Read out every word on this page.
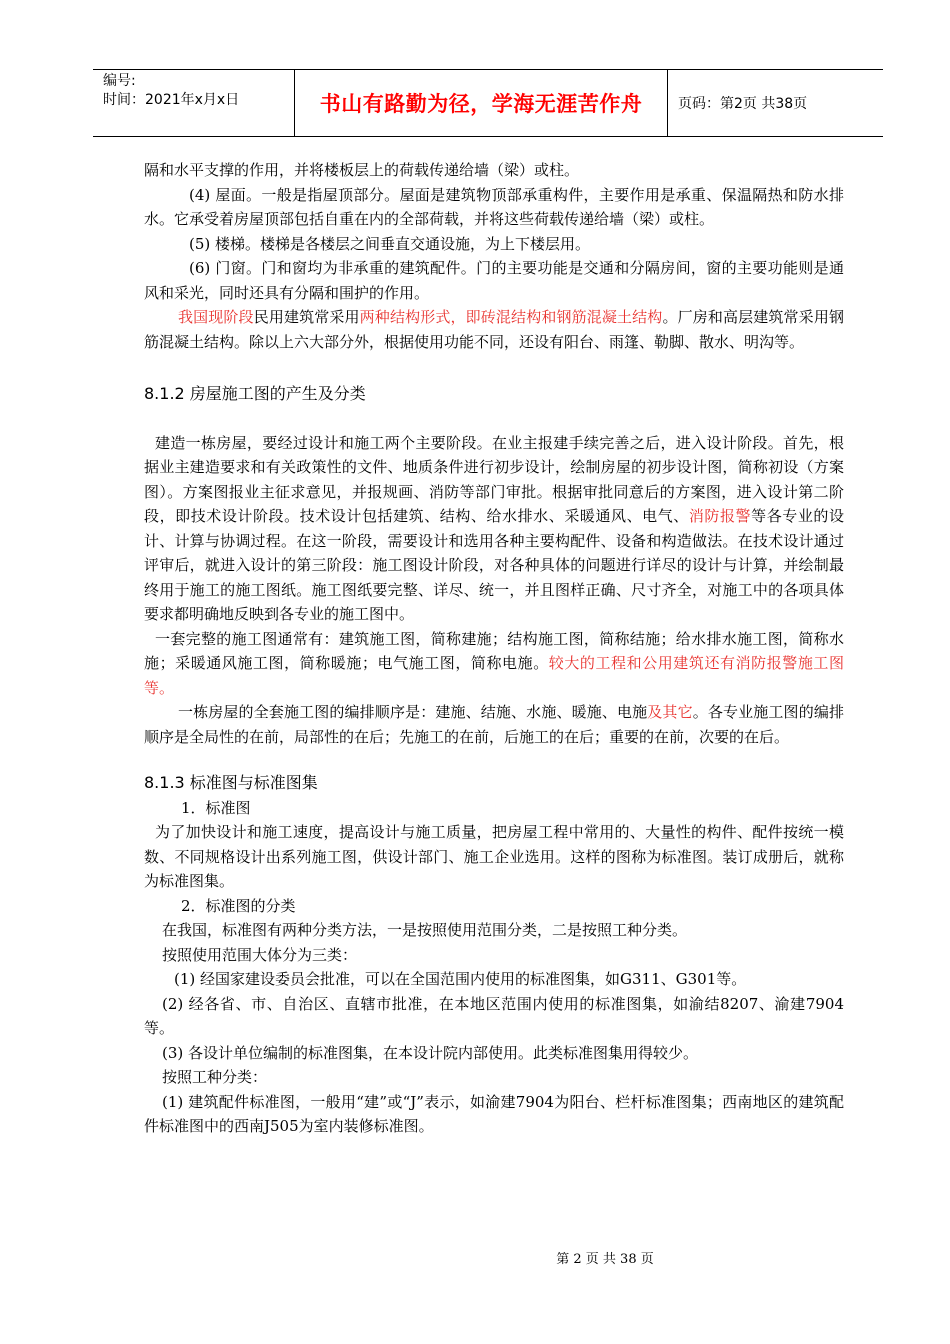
编号:
时间：2021年x月x日	书山有路勤为径，学海无涯苦作舟	页码：第2页 共38页

隔和水平支撑的作用，并将楼板层上的荷载传递给墙（梁）或柱。

(4) 屋面。一般是指屋顶部分。屋面是建筑物顶部承重构件，主要作用是承重、保温隔热和防水排水。它承受着房屋顶部包括自重在内的全部荷载，并将这些荷载传递给墙（梁）或柱。

(5) 楼梯。楼梯是各楼层之间垂直交通设施，为上下楼层用。

(6) 门窗。门和窗均为非承重的建筑配件。门的主要功能是交通和分隔房间，窗的主要功能则是通风和采光，同时还具有分隔和围护的作用。

我国现阶段民用建筑常采用两种结构形式，即砖混结构和钢筋混凝土结构。厂房和高层建筑常采用钢筋混凝土结构。除以上六大部分外，根据使用功能不同，还设有阳台、雨篷、勒脚、散水、明沟等。

8.1.2 房屋施工图的产生及分类

建造一栋房屋，要经过设计和施工两个主要阶段。在业主报建手续完善之后，进入设计阶段。首先，根据业主建造要求和有关政策性的文件、地质条件进行初步设计，绘制房屋的初步设计图，简称初设（方案图）。方案图报业主征求意见，并报规画、消防等部门审批。根据审批同意后的方案图，进入设计第二阶段，即技术设计阶段。技术设计包括建筑、结构、给水排水、采暖通风、电气、消防报警等各专业的设计、计算与协调过程。在这一阶段，需要设计和选用各种主要构配件、设备和构造做法。在技术设计通过评审后，就进入设计的第三阶段：施工图设计阶段，对各种具体的问题进行详尽的设计与计算，并绘制最终用于施工的施工图纸。施工图纸要完整、详尽、统一，并且图样正确、尺寸齐全，对施工中的各项具体要求都明确地反映到各专业的施工图中。

一套完整的施工图通常有：建筑施工图，简称建施；结构施工图，简称结施；给水排水施工图，简称水施；采暖通风施工图，简称暖施；电气施工图，简称电施。较大的工程和公用建筑还有消防报警施工图等。

一栋房屋的全套施工图的编排顺序是：建施、结施、水施、暖施、电施及其它。各专业施工图的编排顺序是全局性的在前，局部性的在后；先施工的在前，后施工的在后；重要的在前，次要的在后。

8.1.3 标准图与标准图集

1．标准图

为了加快设计和施工速度，提高设计与施工质量，把房屋工程中常用的、大量性的构件、配件按统一模数、不同规格设计出系列施工图，供设计部门、施工企业选用。这样的图称为标准图。装订成册后，就称为标准图集。

2．标准图的分类

在我国，标准图有两种分类方法，一是按照使用范围分类，二是按照工种分类。

按照使用范围大体分为三类：

(1) 经国家建设委员会批准，可以在全国范围内使用的标准图集，如G311、G301等。

(2) 经各省、市、自治区、直辖市批准，在本地区范围内使用的标准图集，如渝结8207、渝建7904等。

(3) 各设计单位编制的标准图集，在本设计院内部使用。此类标准图集用得较少。

按照工种分类：

(1) 建筑配件标准图，一般用“建”或“J”表示，如渝建7904为阳台、栏杆标准图集；西南地区的建筑配件标准图中的西南J505为室内装修标准图。

第 2 页 共 38 页
